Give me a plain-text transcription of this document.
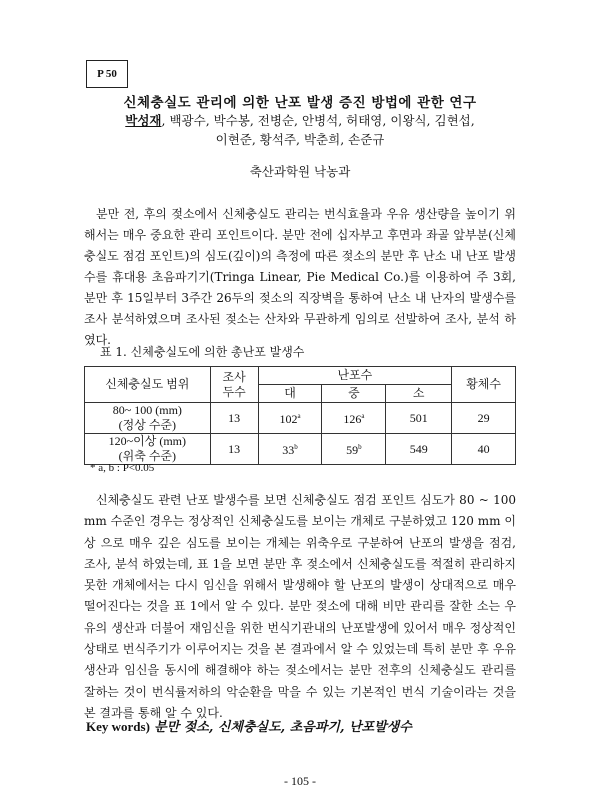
P 50
신체충실도 관리에 의한 난포 발생 증진 방법에 관한 연구
박성재, 백광수, 박수봉, 전병순, 안병석, 허태영, 이왕식, 김현섭,
이현준, 황석주, 박춘희, 손준규
축산과학원 낙농과

분만 전, 후의 젖소에서 신체충실도 관리는 번식효율과 우유 생산량을 높이기 위해서는 매우 중요한 관리 포인트이다. 분만 전에 십자부고 후면과 좌골 앞부분(신체충실도 점검 포인트)의 심도(깊이)의 측정에 따른 젖소의 분만 후 난소 내 난포 발생수를 휴대용 초음파기기(Tringa Linear, Pie Medical Co.)를 이용하여 주 3회, 분만 후 15일부터 3주간 26두의 젖소의 직장벽을 통하여 난소 내 난자의 발생수를 조사 분석하였으며 조사된 젖소는 산차와 무관하게 임의로 선발하여 조사, 분석 하였다.

표 1. 신체충실도에 의한 총난포 발생수
신체충실도 범위	조사두수	난포수			황체수
		대	중	소	

80~ 100 (mm)
(정상 수준)	13	102$^a$	126$^a$	501	29

120~이상 (mm)
(위축 수준)	13	33$^b$	59$^b$	549	40
* a, b : P<0.05

신체충실도 관련 난포 발생수를 보면 신체충실도 점검 포인트 심도가 80 ~ 100 mm 수준인 경우는 정상적인 신체충실도를 보이는 개체로 구분하였고 120 mm 이상 으로 매우 깊은 심도를 보이는 개체는 위축우로 구분하여 난포의 발생을 점검, 조사, 분석 하였는데, 표 1을 보면 분만 후 젖소에서 신체충실도를 적절히 관리하지 못한 개체에서는 다시 임신을 위해서 발생해야 할 난포의 발생이 상대적으로 매우 떨어진다는 것을 표 1에서 알 수 있다. 분만 젖소에 대해 비만 관리를 잘한 소는 우유의 생산과 더불어 재임신을 위한 번식기관내의 난포발생에 있어서 매우 정상적인 상태로 번식주기가 이루어지는 것을 본 결과에서 알 수 있었는데 특히 분만 후 우유 생산과 임신을 동시에 해결해야 하는 젖소에서는 분만 전후의 신체충실도 관리를 잘하는 것이 번식률저하의 악순환을 막을 수 있는 기본적인 번식 기술이라는 것을 본 결과를 통해 알 수 있다.

Key words) 분만 젖소, 신체충실도, 초음파기, 난포발생수
- 105 -
